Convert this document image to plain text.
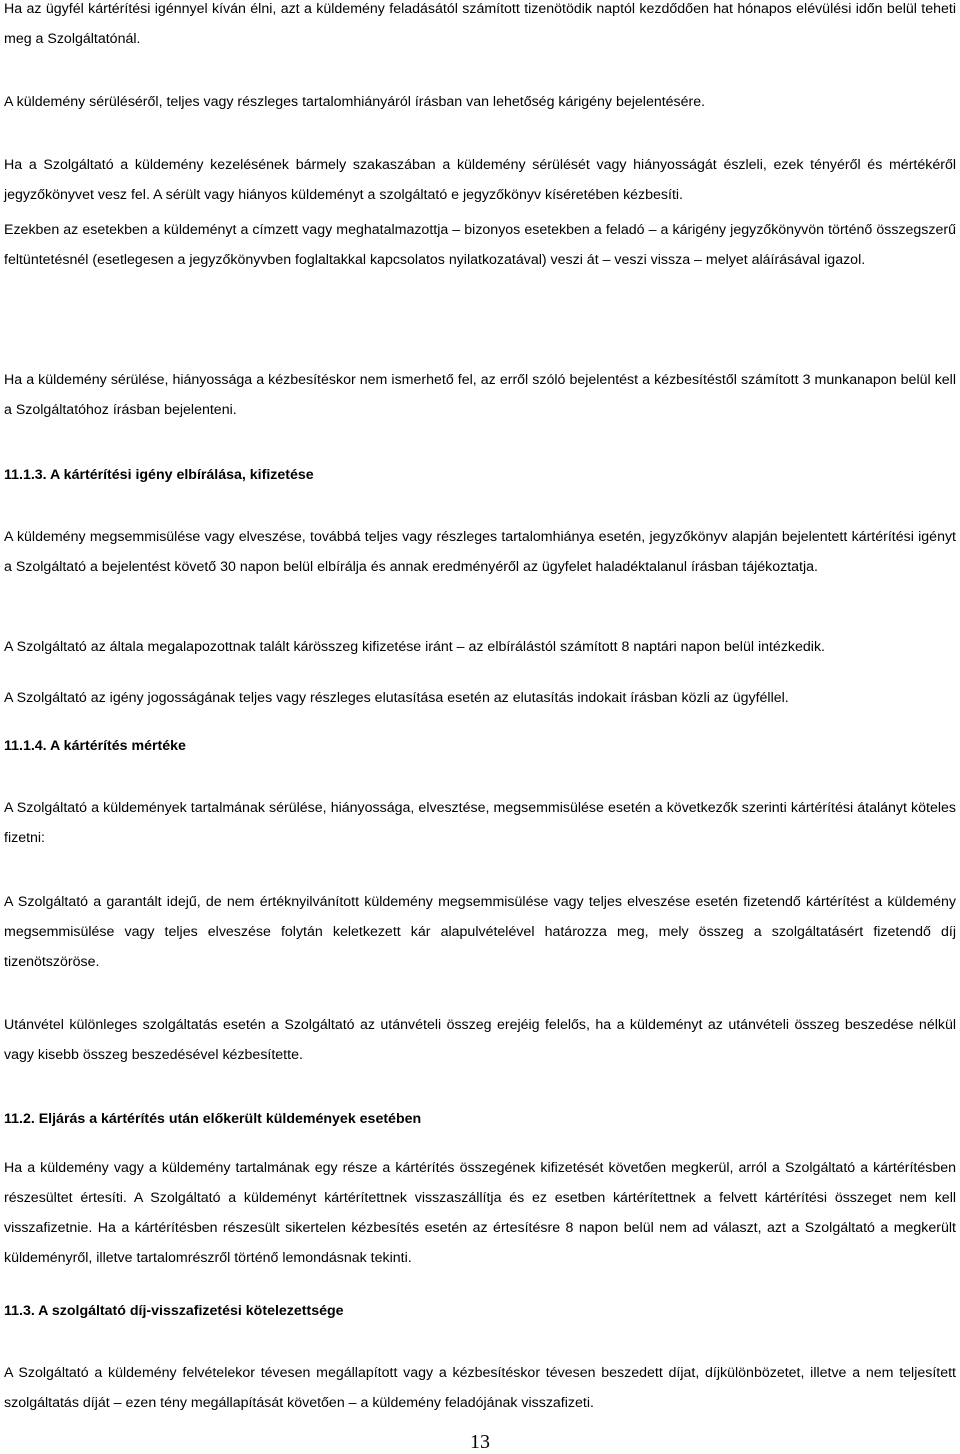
Ha az ügyfél kártérítési igénnyel kíván élni, azt a küldemény feladásától számított tizenötödik naptól kezdődően hat hónapos elévülési időn belül teheti meg a Szolgáltatónál.

A küldemény sérüléséről, teljes vagy részleges tartalomhiányáról írásban van lehetőség kárigény bejelentésére.

Ha a Szolgáltató a küldemény kezelésének bármely szakaszában a küldemény sérülését vagy hiányosságát észleli, ezek tényéről és mértékéről jegyzőkönyvet vesz fel. A sérült vagy hiányos küldeményt a szolgáltató e jegyzőkönyv kíséretében kézbesíti.

Ezekben az esetekben a küldeményt a címzett vagy meghatalmazottja – bizonyos esetekben a feladó – a kárigény jegyzőkönyvön történő összegszerű feltüntetésnél (esetlegesen a jegyzőkönyvben foglaltakkal kapcsolatos nyilatkozatával) veszi át – veszi vissza – melyet aláírásával igazol.

Ha a küldemény sérülése, hiányossága a kézbesítéskor nem ismerhető fel, az erről szóló bejelentést a kézbesítéstől számított 3 munkanapon belül kell a Szolgáltatóhoz írásban bejelenteni.

11.1.3. A kártérítési igény elbírálása, kifizetése

A küldemény megsemmisülése vagy elveszése, továbbá teljes vagy részleges tartalomhiánya esetén, jegyzőkönyv alapján bejelentett kártérítési igényt a Szolgáltató a bejelentést követő 30 napon belül elbírálja és annak eredményéről az ügyfelet haladéktalanul írásban tájékoztatja.

A Szolgáltató az általa megalapozottnak talált kárösszeg kifizetése iránt – az elbírálástól számított 8 naptári napon belül intézkedik.

A Szolgáltató az igény jogosságának teljes vagy részleges elutasítása esetén az elutasítás indokait írásban közli az ügyféllel.

11.1.4. A kártérítés mértéke

A Szolgáltató a küldemények tartalmának sérülése, hiányossága, elvesztése, megsemmisülése esetén a következők szerinti kártérítési átalányt köteles fizetni:

A Szolgáltató a garantált idejű, de nem értéknyilvánított küldemény megsemmisülése vagy teljes elveszése esetén fizetendő kártérítést a küldemény megsemmisülése vagy teljes elveszése folytán keletkezett kár alapulvételével határozza meg, mely összeg a szolgáltatásért fizetendő díj tizenötszöröse.

Utánvétel különleges szolgáltatás esetén a Szolgáltató az utánvételi összeg erejéig felelős, ha a küldeményt az utánvételi összeg beszedése nélkül vagy kisebb összeg beszedésével kézbesítette.

11.2. Eljárás a kártérítés után előkerült küldemények esetében

Ha a küldemény vagy a küldemény tartalmának egy része a kártérítés összegének kifizetését követően megkerül, arról a Szolgáltató a kártérítésben részesültet értesíti. A Szolgáltató a küldeményt kártérítettnek visszaszállítja és ez esetben kártérítettnek a felvett kártérítési összeget nem kell visszafizetnie. Ha a kártérítésben részesült sikertelen kézbesítés esetén az értesítésre 8 napon belül nem ad választ, azt a Szolgáltató a megkerült küldeményről, illetve tartalomrészről történő lemondásnak tekinti.

11.3. A szolgáltató díj-visszafizetési kötelezettsége

A Szolgáltató a küldemény felvételekor tévesen megállapított vagy a kézbesítéskor tévesen beszedett díjat, díjkülönbözetet, illetve a nem teljesített szolgáltatás díját – ezen tény megállapítását követően – a küldemény feladójának visszafizeti.

13
